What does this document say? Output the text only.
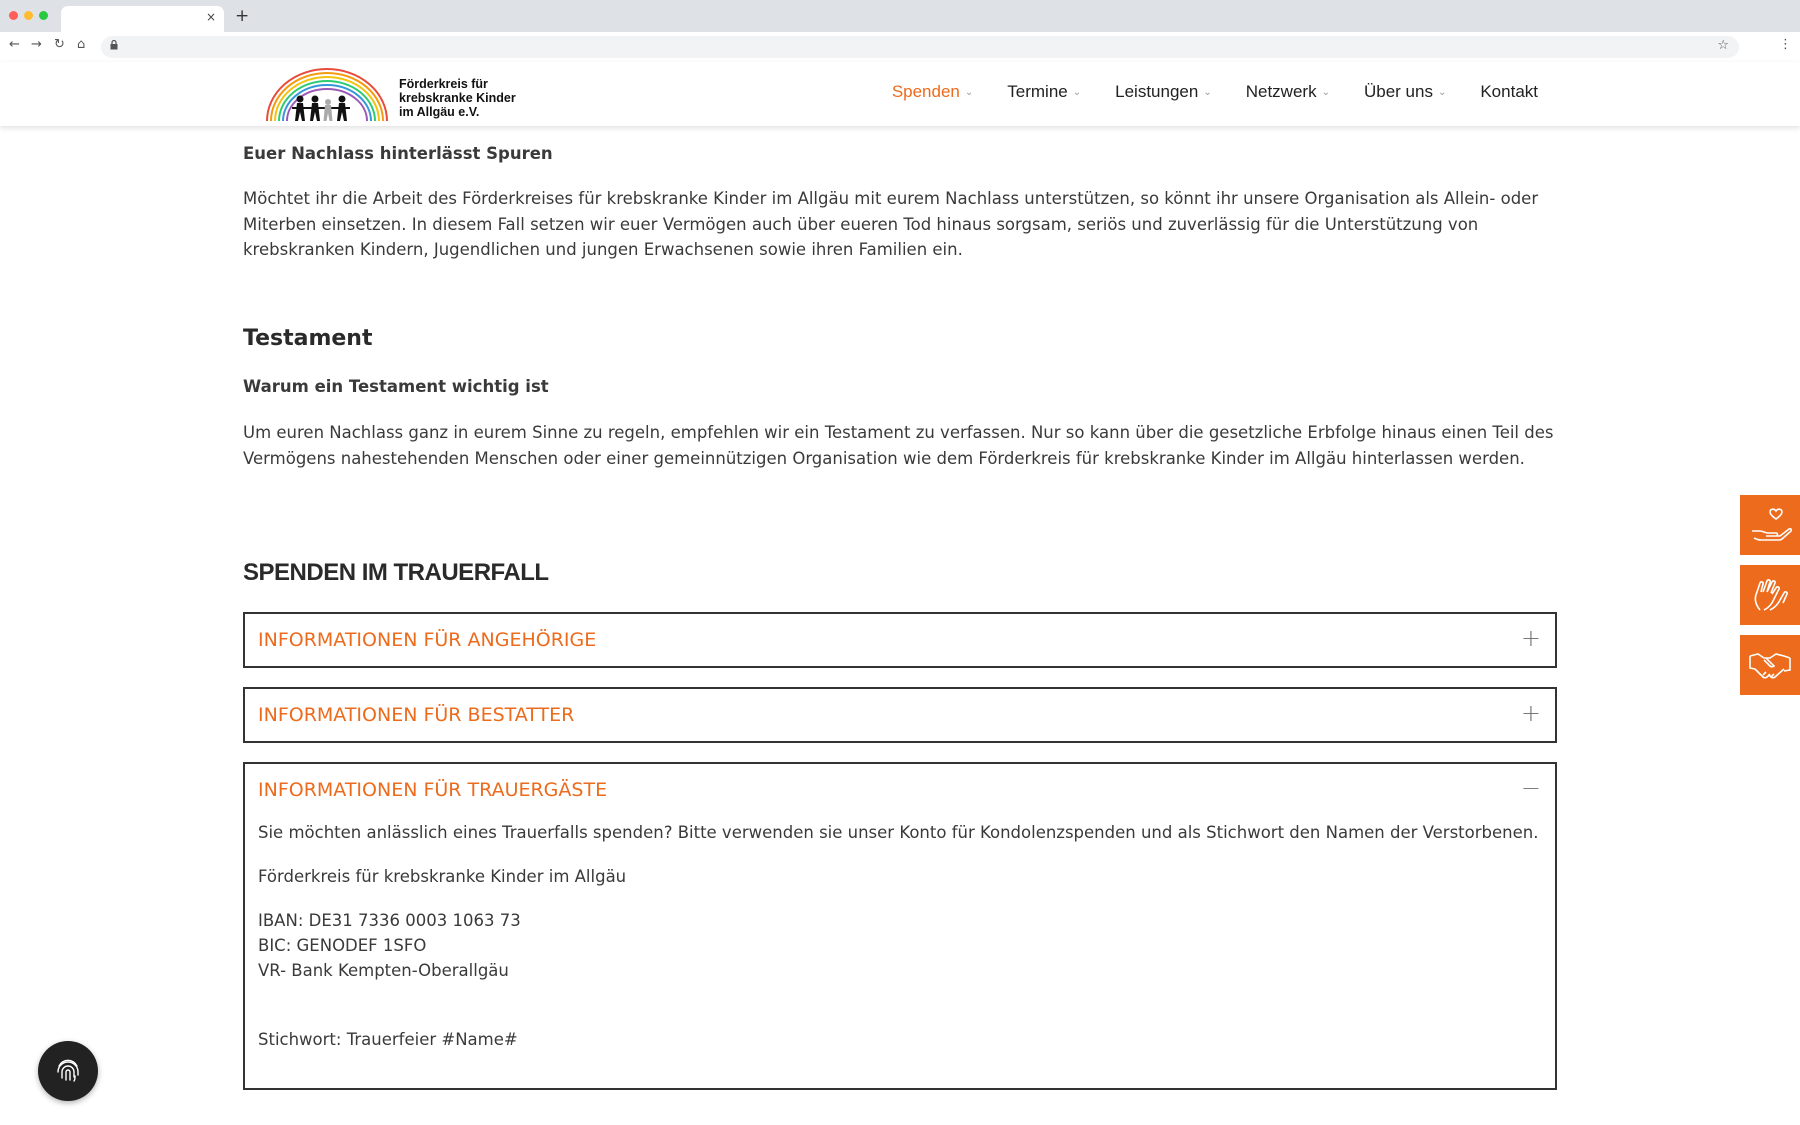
× +
← → ↻ ⌂	☆	⋮
Förderkreis für
krebskranke Kinder
im Allgäu e.V.
Spenden ⌄ Termine ⌄ Leistungen ⌄ Netzwerk ⌄ Über uns ⌄ Kontakt
Euer Nachlass hinterlässt Spuren

Möchtet ihr die Arbeit des Förderkreises für krebskranke Kinder im Allgäu mit eurem Nachlass unterstützen, so könnt ihr unsere Organisation als Allein- oder Miterben einsetzen. In diesem Fall setzen wir euer Vermögen auch über eueren Tod hinaus sorgsam, seriös und zuverlässig für die Unterstützung von krebskranken Kindern, Jugendlichen und jungen Erwachsenen sowie ihren Familien ein.

Testament
Warum ein Testament wichtig ist

Um euren Nachlass ganz in eurem Sinne zu regeln, empfehlen wir ein Testament zu verfassen. Nur so kann über die gesetzliche Erbfolge hinaus einen Teil des Vermögens nahestehenden Menschen oder einer gemeinnützigen Organisation wie dem Förderkreis für krebskranke Kinder im Allgäu hinterlassen werden.

SPENDEN IM TRAUERFALL
INFORMATIONEN FÜR ANGEHÖRIGE	+
INFORMATIONEN FÜR BESTATTER	+
INFORMATIONEN FÜR TRAUERGÄSTE	−
Sie möchten anlässlich eines Trauerfalls spenden? Bitte verwenden sie unser Konto für Kondolenzspenden und als Stichwort den Namen der Verstorbenen.
Förderkreis für krebskranke Kinder im Allgäu
IBAN: DE31 7336 0003 1063 73
BIC: GENODEF 1SFO
VR- Bank Kempten-Oberallgäu
Stichwort: Trauerfeier #Name#
